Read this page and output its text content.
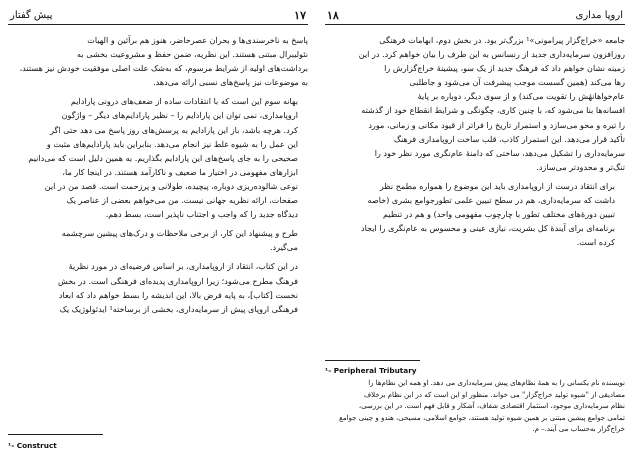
۱۷
پیش گفتار

پاسخ به ناخرسندی‌ها و بحران عصرحاضر، هنوز هم برآئین و الهیات
نئولیبرال مبتنی هستند. این نظریه، ضمن حفظ و مشروعیت بخشی به
برداشت‌های اولیه از شرایط مرسوم، که به‌شک علت اصلی موفقیت خودش نیز هستند،
به موضوعات نیز پاسخ‌های نسبی ارائه می‌دهد.

بهانه سوم این است که با انتقادات ساده از ضعف‌های درونی پارادایم
اروپامداری، نمی توان این پارادایم را – نظیر پارادایم‌های دیگر – واژگون
کرد. هرچه باشد، باز این پارادایم به پرسش‌های روز پاسخ می دهد حتی اگر
این عمل را به شیوه غلط نیز انجام می‌دهد. بنابراین باید پارادایم‌های مثبت و
صحیحی را به جای پاسخ‌های این پارادایم بگذاریم. به همین دلیل است که می‌دانیم
ابزارهای مفهومی در اختیار ما ضعیف و ناکارآمد هستند. در اینجا کار ما،
نوعی شالوده‌ریزی دوباره، پیچیده، طولانی و پرزحمت است. قصد من در این
صفحات، ارائه نظریه جهانی نیست. من می‌خواهم بعضی از عناصر یک
دیدگاه جدید را که واجب و اجتناب ناپذیر است، بسط دهم.

طرح و پیشنهاد این کار، از برخی ملاحظات و درک‌های پیشین سرچشمه
می‌گیرد.

در این کتاب، انتقاد از اروپامداری، بر اساس فرضیه‌ای در مورد نظریهٔ
فرهنگ مطرح می‌شود؛ زیرا اروپامداری پدیده‌ای فرهنگی است. در بخش
نخست [کتاب]، به پایه فرض بالا، این اندیشه را بسط خواهم داد که ابعاد
فرهنگی اروپای پیش از سرمایه‌داری، بخشی از برساخته¹ ایدئولوژیک یک

¹- Construct
اروپا مداری
۱۸

جامعه «خراج‌گزار پیرامونی»¹ بزرگ‌تر بود. در بخش دوم، ابهامات فرهنگی
روزافزون سرمایه‌داری جدید از رنسانس به این طرف را بیان خواهم کرد. در این
زمینه نشان خواهم داد که فرهنگ جدید از یک سو، پیشینهٔ خراج‌گزارش را
رها می‌کند (همین گسست موجب پیشرفت آن می‌شود و جاطلبی
عام‌خواهانهٔش را تقویت می‌کند) و از سوی دیگر، دوباره بر پایهٔ
افسانه‌ها بنا می‌شود که، با چنین کاری، چگونگی و شرایط انقطاع خود از گذشته
را تیره و محو می‌سازد و استمرار تاریخ را فراتر از قیود مکانی و زمانی، مورد
تأکید قرار می‌دهد. این استمرار کاذب، قلب ساخت اروپامداری فرهنگ
سرمایه‌داری را تشکیل می‌دهد، ساختی که دامنهٔ عام‌نگری مورد نظر خود را
تنگ‌تر و محدودتر می‌سازد.

برای انتقاد درست از اروپامداری باید این موضوع را همواره مطمح نظر
داشت که سرمایه‌داری، هم در سطح تبیین علمی تطورجوامع بشری (خاصه
تبیین دورهٔ‌های مختلف تطور با چارچوب مفهومی واحد) و هم در تنظیم
برنامه‌ای برای آیندهٔ کل بشریت، نیازی عینی و محسوس به عام‌نگری را ایجاد
کرده است.

¹- Peripheral Tributary
نویسنده نام یکسانی را به همهٔ نظام‌های پیش سرمایه‌داری می دهد. او همه این نظام‌ها را
مصادیقی از "شیوه تولید خراج‌گزار" می خواند. منظور او این است که در این نظام برخلاف
نظام سرمایه‌داری موجود، استثمار اقتصادی شفاف، آشکار و قابل فهم است. در این بررسی،
تمامی جوامع پیشین مبتنی بر همین شیوه تولید هستند، جوامع اسلامی، مسیحی، هندو و چینی جوامع
خراج‌گزار به‌حساب می آیند.– م.
